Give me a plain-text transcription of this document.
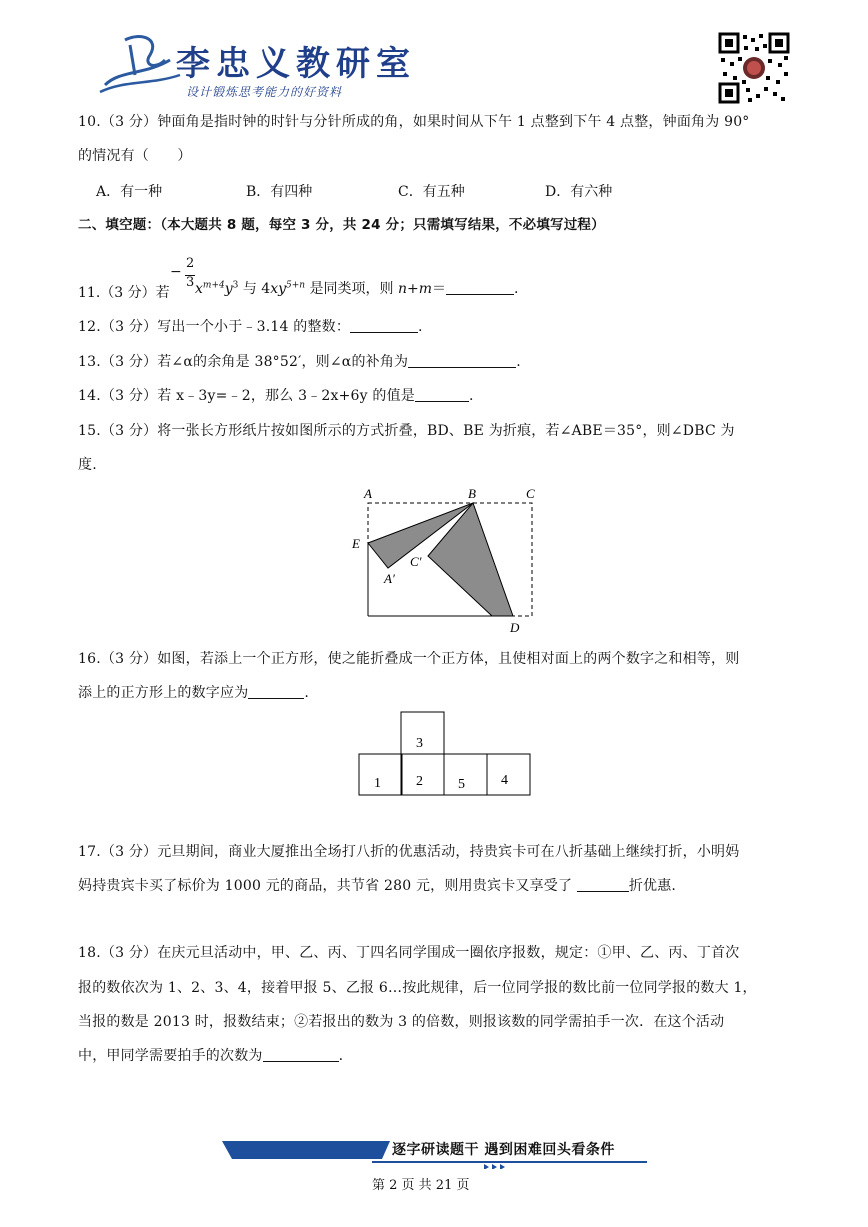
李忠义教研室
设计锻炼思考能力的好资料
10.（3 分）钟面角是指时钟的时针与分针所成的角，如果时间从下午 1 点整到下午 4 点整，钟面角为 90°
的情况有（　　）
A．有一种	B．有四种	C．有五种	D．有六种
二、填空题：（本大题共 8 题，每空 3 分，共 24 分；只需填写结果，不必填写过程）
11.（3 分）若
−
2
3 $x^{m+4}y^3$ 与 $4xy^{5+n}$ 是同类项，则 n+m＝	.
12.（3 分）写出一个小于﹣3.14 的整数：	.
13.（3 分）若∠α的余角是 38°52′，则∠α的补角为	.
14.（3 分）若 x﹣3y=﹣2，那么 3﹣2x+6y 的值是	.
15.（3 分）将一张长方形纸片按如图所示的方式折叠，BD、BE 为折痕，若∠ABE＝35°，则∠DBC 为
度.
A	B	C
E
C′
A′
D
16.（3 分）如图，若添上一个正方形，使之能折叠成一个正方体，且使相对面上的两个数字之和相等，则
添上的正方形上的数字应为	.
3
1	2	5	4
17.（3 分）元旦期间，商业大厦推出全场打八折的优惠活动，持贵宾卡可在八折基础上继续打折，小明妈
妈持贵宾卡买了标价为 1000 元的商品，共节省 280 元，则用贵宾卡又享受了	折优惠.
18.（3 分）在庆元旦活动中，甲、乙、丙、丁四名同学围成一圈依序报数，规定：①甲、乙、丙、丁首次
报的数依次为 1、2、3、4，接着甲报 5、乙报 6…按此规律，后一位同学报的数比前一位同学报的数大 1，
当报的数是 2013 时，报数结束；②若报出的数为 3 的倍数，则报该数的同学需拍手一次．在这个活动
中，甲同学需要拍手的次数为	.
逐字研读题干 遇到困难回头看条件
第 2 页 共 21 页
